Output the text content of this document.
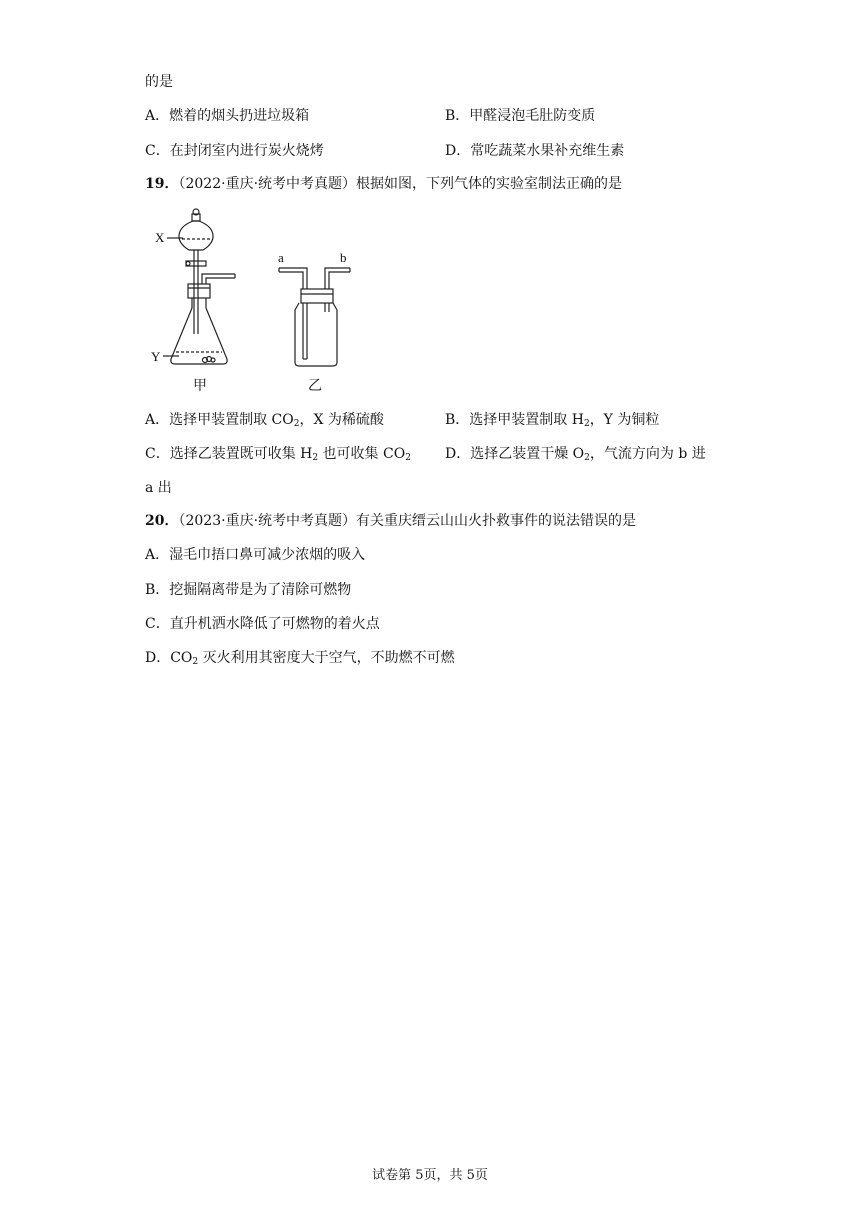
的是
A．燃着的烟头扔进垃圾箱	B．甲醛浸泡毛肚防变质
C．在封闭室内进行炭火烧烤	D．常吃蔬菜水果补充维生素
19．（2022·重庆·统考中考真题）根据如图，下列气体的实验室制法正确的是
X
Y
a	b
甲	乙
A．选择甲装置制取 $CO_2$，X 为稀硫酸	B．选择甲装置制取 $H_2$，Y 为铜粒
C．选择乙装置既可收集 $H_2$ 也可收集 $CO_2$ D．选择乙装置干燥 $O_2$，气流方向为 b 进
a 出
20．（2023·重庆·统考中考真题）有关重庆缙云山山火扑救事件的说法错误的是
A．湿毛巾捂口鼻可减少浓烟的吸入
B．挖掘隔离带是为了清除可燃物
C．直升机洒水降低了可燃物的着火点
D．$CO_2$ 灭火利用其密度大于空气，不助燃不可燃
试卷第 5页，共 5页
